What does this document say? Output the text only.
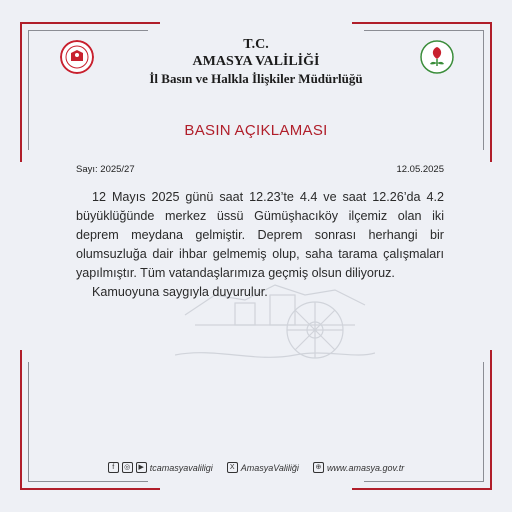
T.C.
AMASYA VALİLİĞİ
İl Basın ve Halkla İlişkiler Müdürlüğü
BASIN AÇIKLAMASI
Sayı: 2025/27	12.05.2025

12 Mayıs 2025 günü saat 12.23’te 4.4 ve saat 12.26’da 4.2 büyüklüğünde merkez üssü Gümüşhacıköy ilçemiz olan iki deprem meydana gelmiştir. Deprem sonrası herhangi bir olumsuzluğa dair ihbar gelmemiş olup, saha tarama çalışmaları yapılmıştır. Tüm vatandaşlarımıza geçmiş olsun diliyoruz.

Kamuoyuna saygıyla duyurulur.

f	◎	▶ tcamasyavaliligi	X AmasyaValiliği	⊕ www.amasya.gov.tr
